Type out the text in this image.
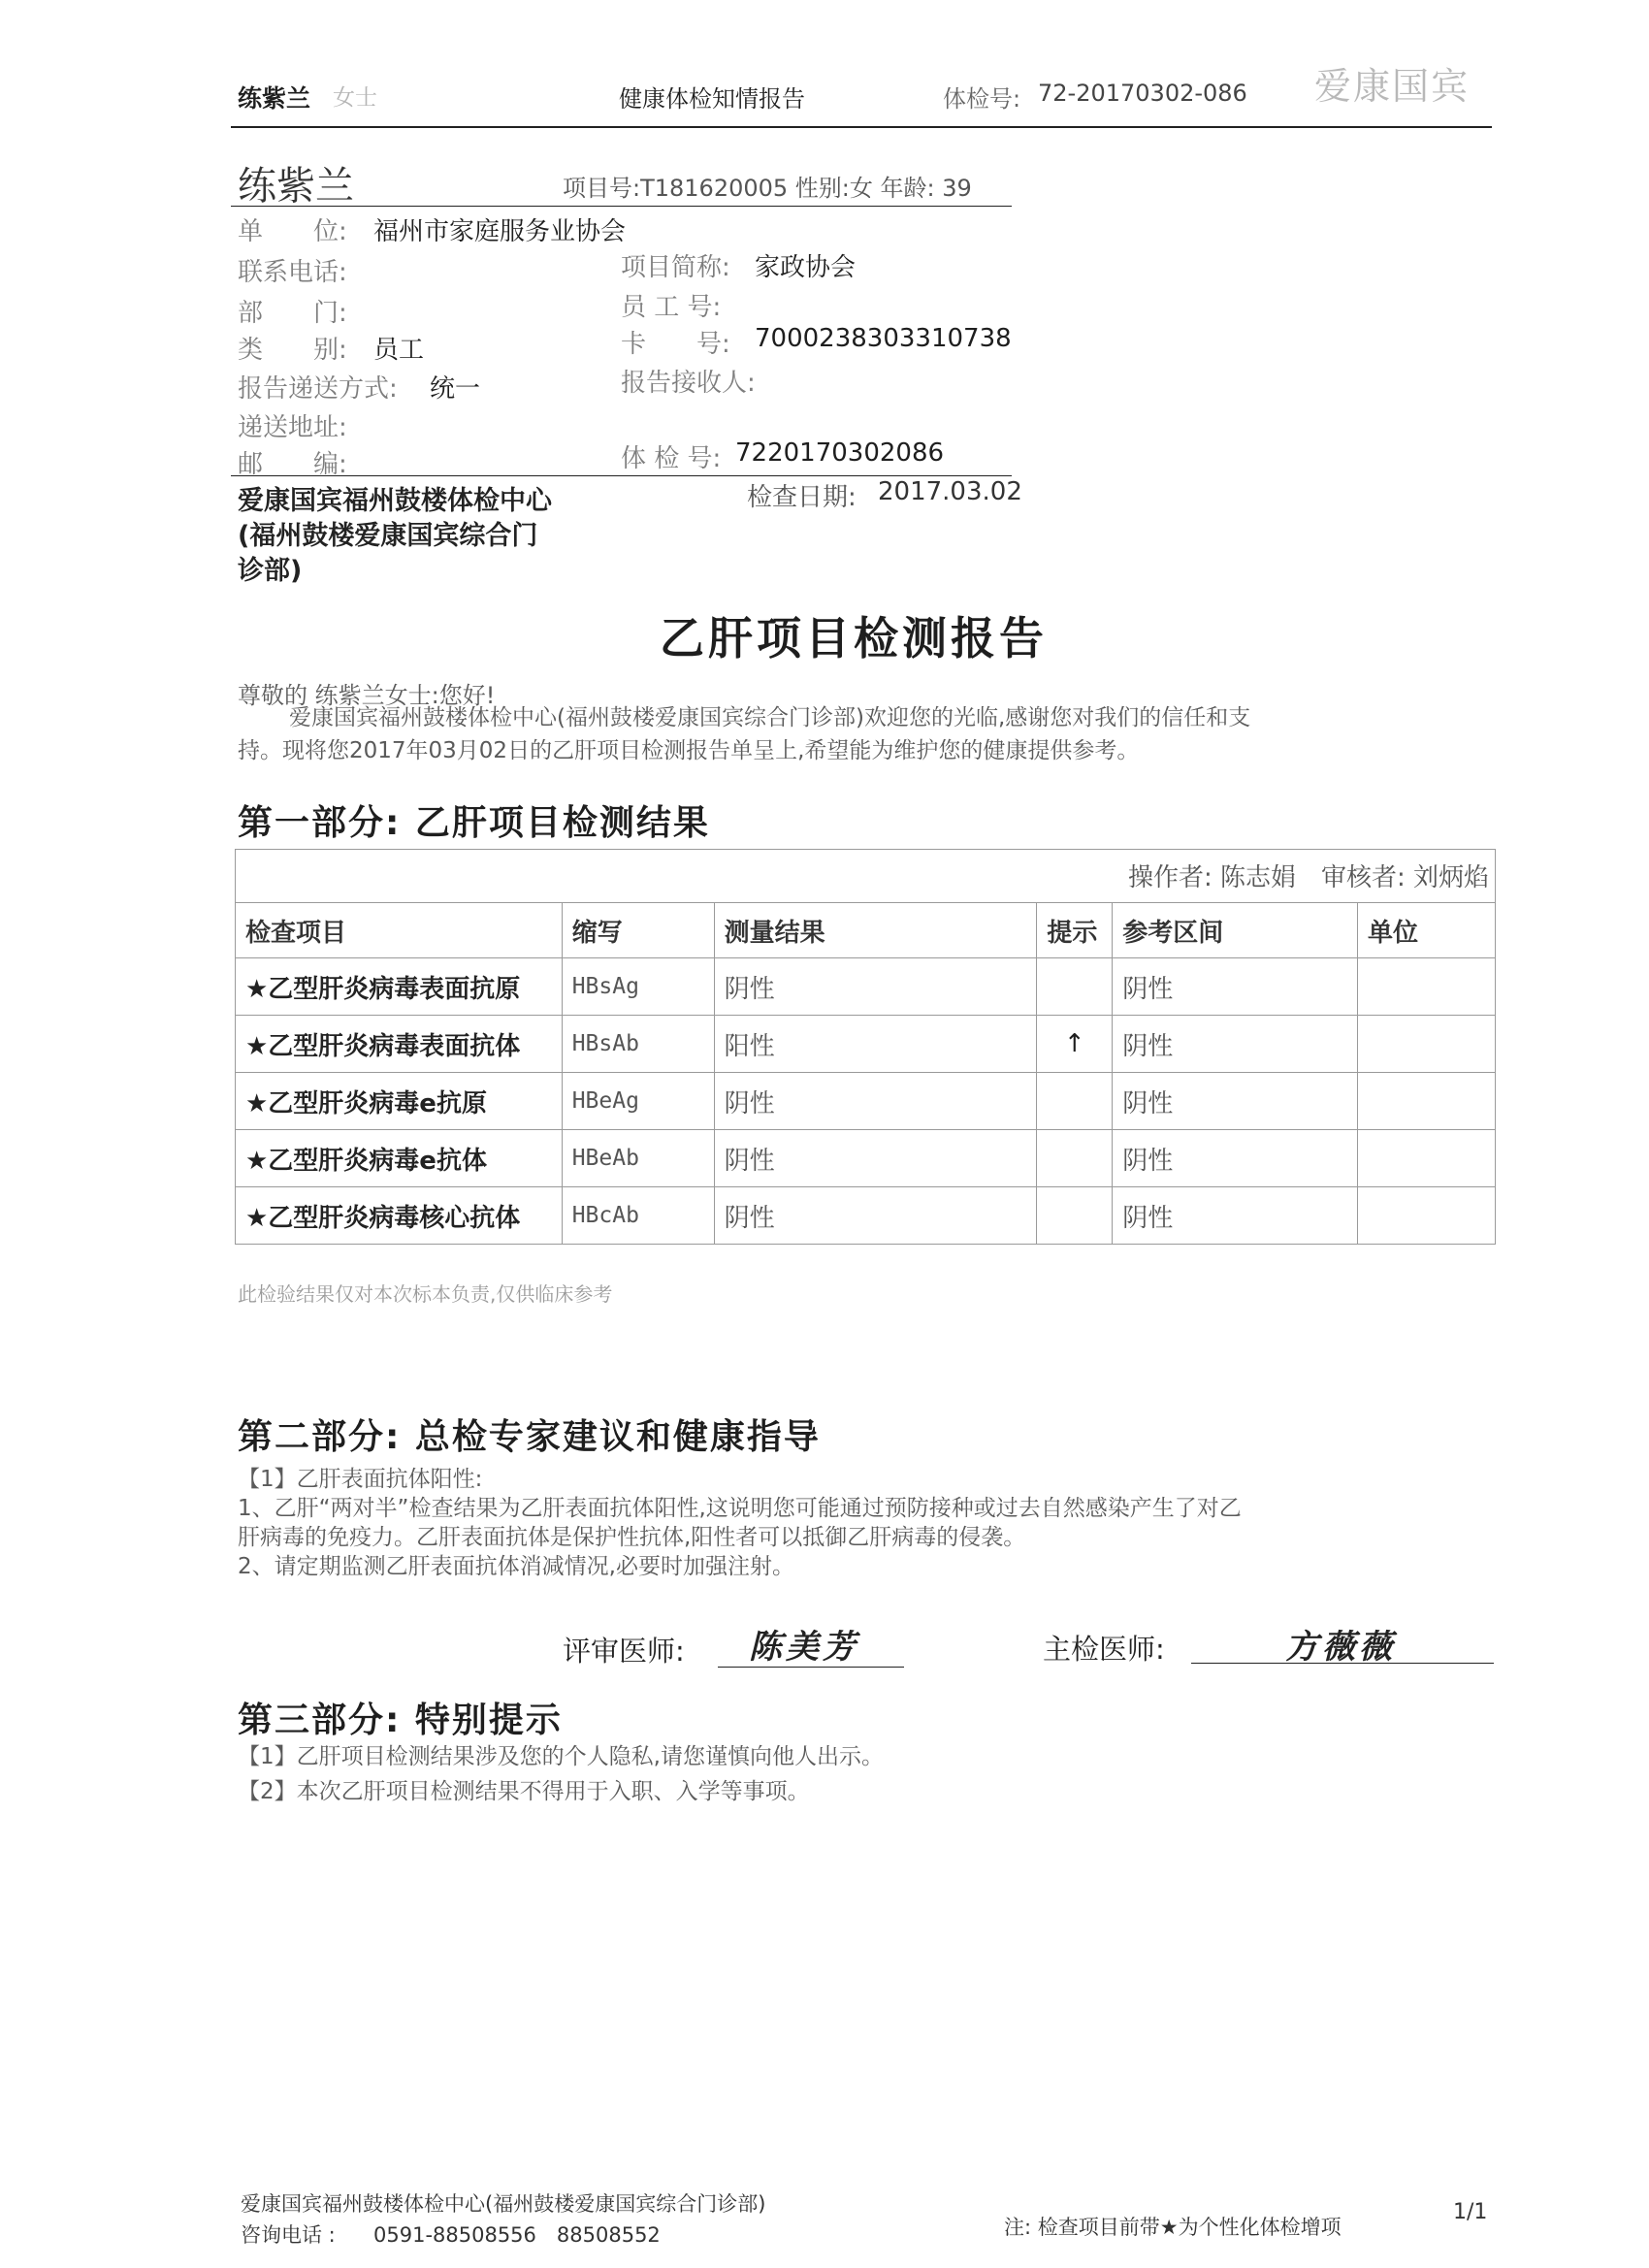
练紫兰 女士	健康体检知情报告	体检号: 72-20170302-086 爱康国宾
练紫兰	项目号:T181620005 性别:女 年龄: 39
单　　位: 福州市家庭服务业协会
联系电话:
部　　门:
类　　别: 员工
报告递送方式: 统一
递送地址:
邮　　编:
项目简称: 家政协会
员 工 号:
卡　　号: 7000238303310738
报告接收人:
体 检 号: 7220170302086
检查日期: 2017.03.02
爱康国宾福州鼓楼体检中心
(福州鼓楼爱康国宾综合门
诊部)
乙肝项目检测报告
尊敬的 练紫兰女士:您好!
爱康国宾福州鼓楼体检中心(福州鼓楼爱康国宾综合门诊部)欢迎您的光临,感谢您对我们的信任和支
持。现将您2017年03月02日的乙肝项目检测报告单呈上,希望能为维护您的健康提供参考。
第一部分: 乙肝项目检测结果
操作者: 陈志娟　审核者: 刘炳焰
检查项目	缩写	测量结果	提示	参考区间	单位
★乙型肝炎病毒表面抗原	HBsAg	阴性		阴性	
★乙型肝炎病毒表面抗体	HBsAb	阳性	↑	阴性	
★乙型肝炎病毒e抗原	HBeAg	阴性		阴性	
★乙型肝炎病毒e抗体	HBeAb	阴性		阴性	
★乙型肝炎病毒核心抗体	HBcAb	阴性		阴性	
此检验结果仅对本次标本负责,仅供临床参考
第二部分: 总检专家建议和健康指导
【1】乙肝表面抗体阳性:
1、乙肝“两对半”检查结果为乙肝表面抗体阳性,这说明您可能通过预防接种或过去自然感染产生了对乙
肝病毒的免疫力。乙肝表面抗体是保护性抗体,阳性者可以抵御乙肝病毒的侵袭。
2、请定期监测乙肝表面抗体消减情况,必要时加强注射。
评审医师: 陈美芳	主检医师:	方薇薇
第三部分: 特别提示
【1】乙肝项目检测结果涉及您的个人隐私,请您谨慎向他人出示。
【2】本次乙肝项目检测结果不得用于入职、入学等事项。
爱康国宾福州鼓楼体检中心(福州鼓楼爱康国宾综合门诊部)
咨询电话 : 0591-88508556　88508552	注: 检查项目前带★为个性化体检增项
1/1
